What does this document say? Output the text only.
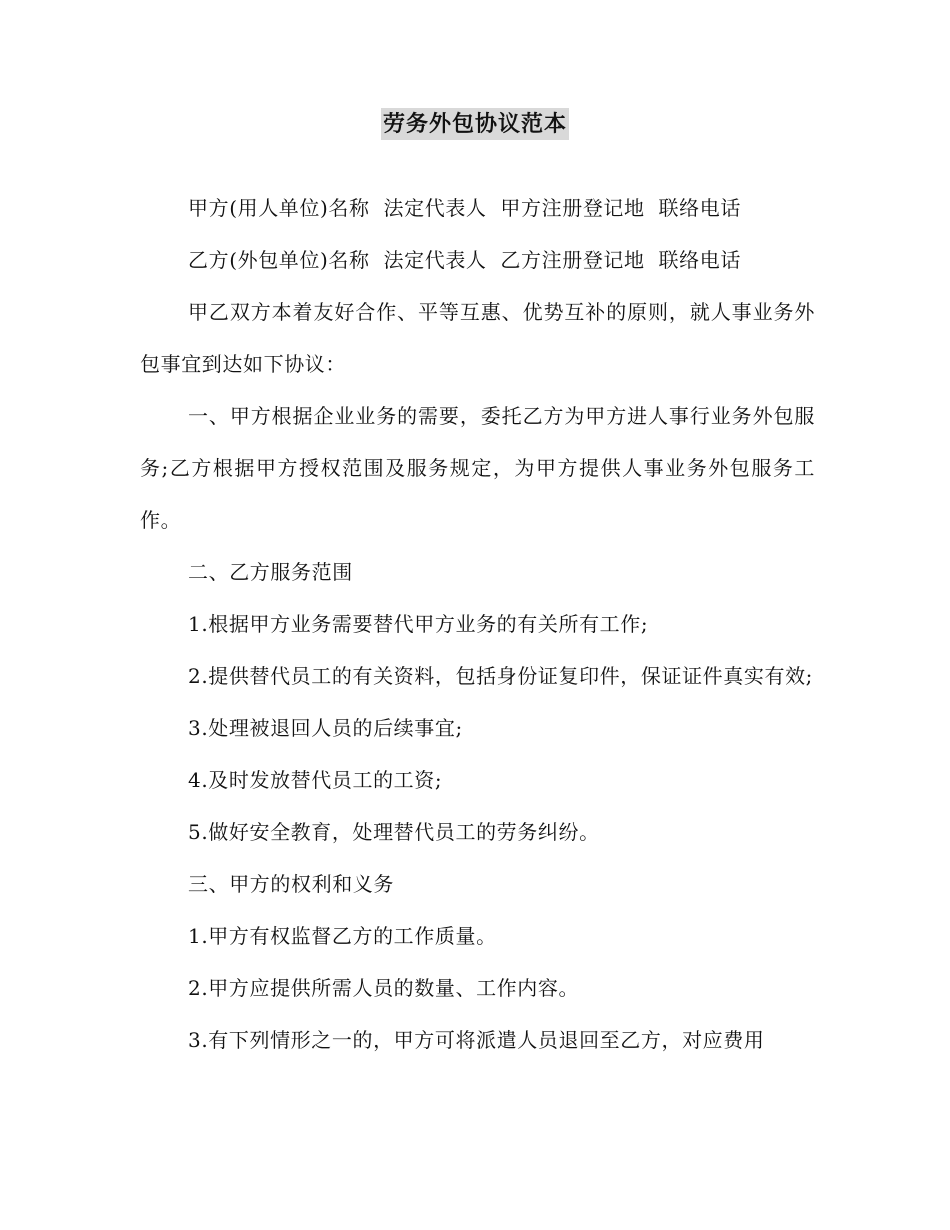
劳务外包协议范本

甲方(用人单位)名称  法定代表人  甲方注册登记地  联络电话

乙方(外包单位)名称  法定代表人  乙方注册登记地  联络电话

甲乙双方本着友好合作、平等互惠、优势互补的原则，就人事业务外包事宜到达如下协议：

一、甲方根据企业业务的需要，委托乙方为甲方进人事行业务外包服务;乙方根据甲方授权范围及服务规定，为甲方提供人事业务外包服务工作。

二、乙方服务范围

1.根据甲方业务需要替代甲方业务的有关所有工作;

2.提供替代员工的有关资料，包括身份证复印件，保证证件真实有效;

3.处理被退回人员的后续事宜;

4.及时发放替代员工的工资;

5.做好安全教育，处理替代员工的劳务纠纷。

三、甲方的权利和义务

1.甲方有权监督乙方的工作质量。

2.甲方应提供所需人员的数量、工作内容。

3.有下列情形之一的，甲方可将派遣人员退回至乙方，对应费用
